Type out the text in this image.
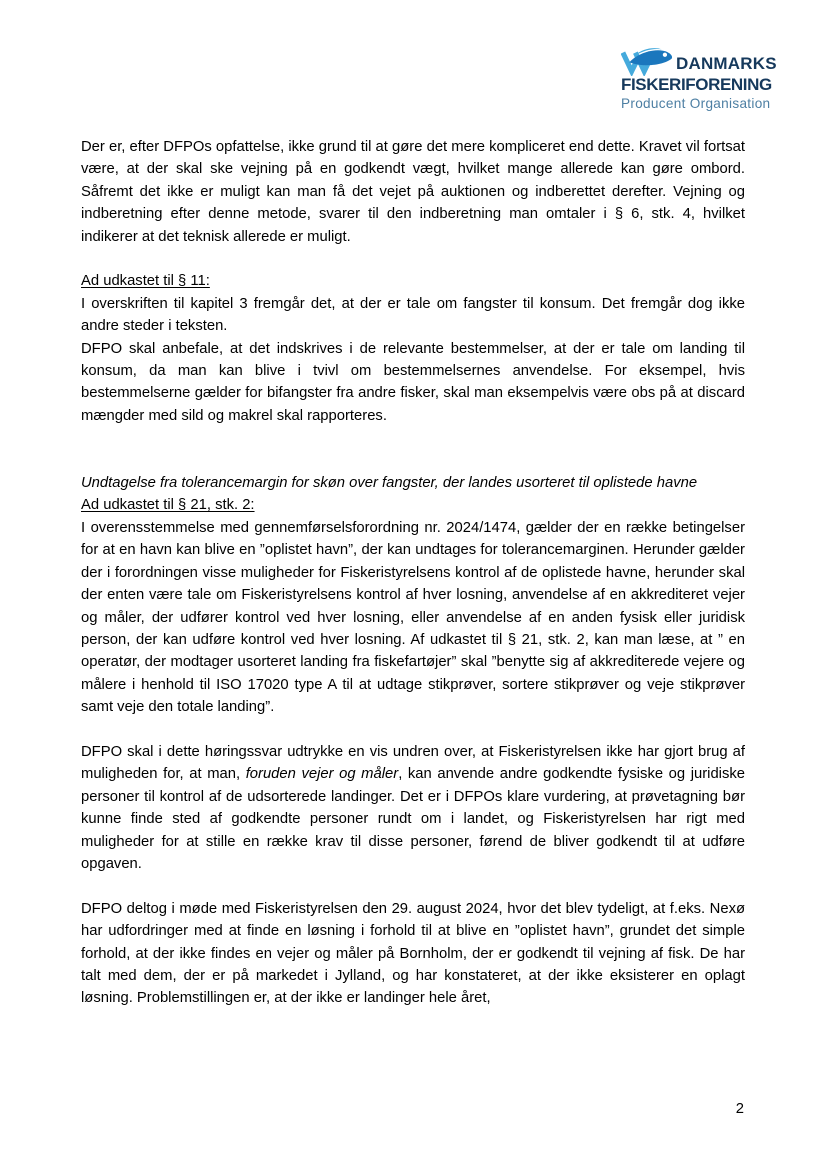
DANMARKS
FISKERIFORENING
Producent Organisation

Der er, efter DFPOs opfattelse, ikke grund til at gøre det mere kompliceret end dette. Kravet vil fortsat være, at der skal ske vejning på en godkendt vægt, hvilket mange allerede kan gøre ombord. Såfremt det ikke er muligt kan man få det vejet på auktionen og indberettet derefter. Vejning og indberetning efter denne metode, svarer til den indberetning man omtaler i § 6, stk. 4, hvilket indikerer at det teknisk allerede er muligt.

Ad udkastet til § 11:

I overskriften til kapitel 3 fremgår det, at der er tale om fangster til konsum. Det fremgår dog ikke andre steder i teksten.

DFPO skal anbefale, at det indskrives i de relevante bestemmelser, at der er tale om landing til konsum, da man kan blive i tvivl om bestemmelsernes anvendelse. For eksempel, hvis bestemmelserne gælder for bifangster fra andre fisker, skal man eksempelvis være obs på at discard mængder med sild og makrel skal rapporteres.

Undtagelse fra tolerancemargin for skøn over fangster, der landes usorteret til oplistede havne

Ad udkastet til § 21, stk. 2:

I overensstemmelse med gennemførselsforordning nr. 2024/1474, gælder der en række betingelser for at en havn kan blive en ”oplistet havn”, der kan undtages for tolerancemarginen. Herunder gælder der i forordningen visse muligheder for Fiskeristyrelsens kontrol af de oplistede havne, herunder skal der enten være tale om Fiskeristyrelsens kontrol af hver losning, anvendelse af en akkrediteret vejer og måler, der udfører kontrol ved hver losning, eller anvendelse af en anden fysisk eller juridisk person, der kan udføre kontrol ved hver losning. Af udkastet til § 21, stk. 2, kan man læse, at ” en operatør, der modtager usorteret landing fra fiskefartøjer” skal ”benytte sig af akkrediterede vejere og målere i henhold til ISO 17020 type A til at udtage stikprøver, sortere stikprøver og veje stikprøver samt veje den totale landing”.

DFPO skal i dette høringssvar udtrykke en vis undren over, at Fiskeristyrelsen ikke har gjort brug af muligheden for, at man, foruden vejer og måler, kan anvende andre godkendte fysiske og juridiske personer til kontrol af de udsorterede landinger. Det er i DFPOs klare vurdering, at prøvetagning bør kunne finde sted af godkendte personer rundt om i landet, og Fiskeristyrelsen har rigt med muligheder for at stille en række krav til disse personer, førend de bliver godkendt til at udføre opgaven.

DFPO deltog i møde med Fiskeristyrelsen den 29. august 2024, hvor det blev tydeligt, at f.eks. Nexø har udfordringer med at finde en løsning i forhold til at blive en ”oplistet havn”, grundet det simple forhold, at der ikke findes en vejer og måler på Bornholm, der er godkendt til vejning af fisk. De har talt med dem, der er på markedet i Jylland, og har konstateret, at der ikke eksisterer en oplagt løsning. Problemstillingen er, at der ikke er landinger hele året,

2
